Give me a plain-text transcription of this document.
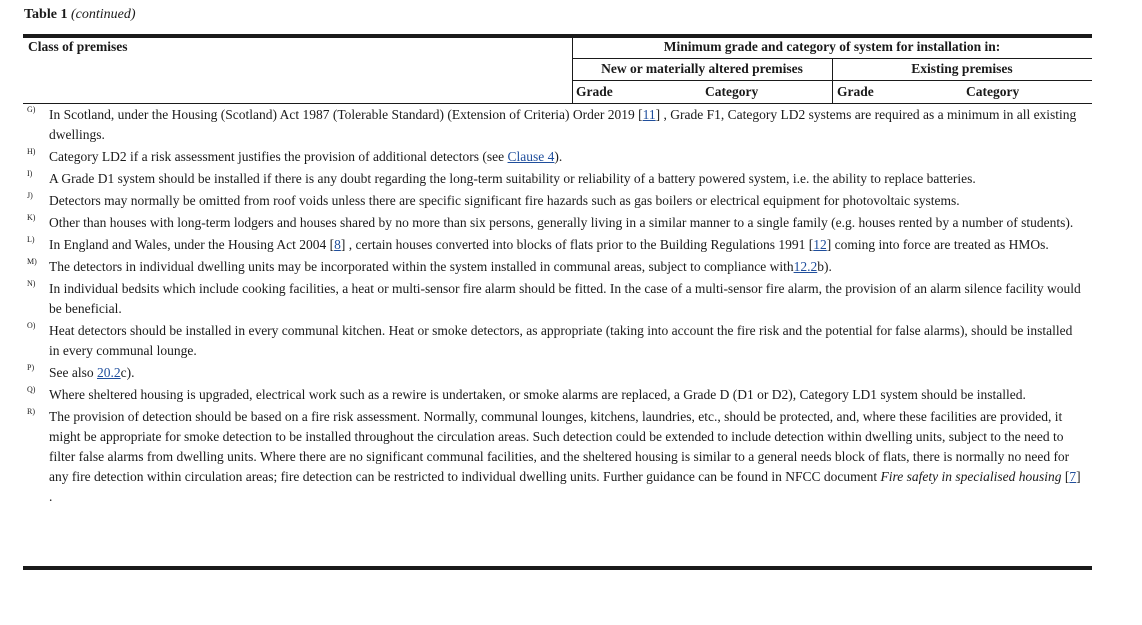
Table 1 (continued)
Class of premises	Minimum grade and category of system for installation in:
New or materially altered premises	Existing premises
Grade	Category	Grade	Category
G) In Scotland, under the Housing (Scotland) Act 1987 (Tolerable Standard) (Extension of Criteria) Order 2019 [11] , Grade F1, Category LD2 systems are required as a minimum in all existing dwellings.
H) Category LD2 if a risk assessment justifies the provision of additional detectors (see Clause 4).
I) A Grade D1 system should be installed if there is any doubt regarding the long-term suitability or reliability of a battery powered system, i.e. the ability to replace batteries.
J) Detectors may normally be omitted from roof voids unless there are specific significant fire hazards such as gas boilers or electrical equipment for photovoltaic systems.
K) Other than houses with long-term lodgers and houses shared by no more than six persons, generally living in a similar manner to a single family (e.g. houses rented by a number of students).
L) In England and Wales, under the Housing Act 2004 [8] , certain houses converted into blocks of flats prior to the Building Regulations 1991 [12] coming into force are treated as HMOs.
M) The detectors in individual dwelling units may be incorporated within the system installed in communal areas, subject to compliance with12.2b).
N) In individual bedsits which include cooking facilities, a heat or multi-sensor fire alarm should be fitted. In the case of a multi-sensor fire alarm, the provision of an alarm silence facility would be beneficial.
O) Heat detectors should be installed in every communal kitchen. Heat or smoke detectors, as appropriate (taking into account the fire risk and the potential for false alarms), should be installed in every communal lounge.
P) See also 20.2c).
Q) Where sheltered housing is upgraded, electrical work such as a rewire is undertaken, or smoke alarms are replaced, a Grade D (D1 or D2), Category LD1 system should be installed.
R) The provision of detection should be based on a fire risk assessment. Normally, communal lounges, kitchens, laundries, etc., should be protected, and, where these facilities are provided, it might be appropriate for smoke detection to be installed throughout the circulation areas. Such detection could be extended to include detection within dwelling units, subject to the need to filter false alarms from dwelling units. Where there are no significant communal facilities, and the sheltered housing is similar to a general needs block of flats, there is normally no need for any fire detection within circulation areas; fire detection can be restricted to individual dwelling units. Further guidance can be found in NFCC document Fire safety in specialised housing [7] .
